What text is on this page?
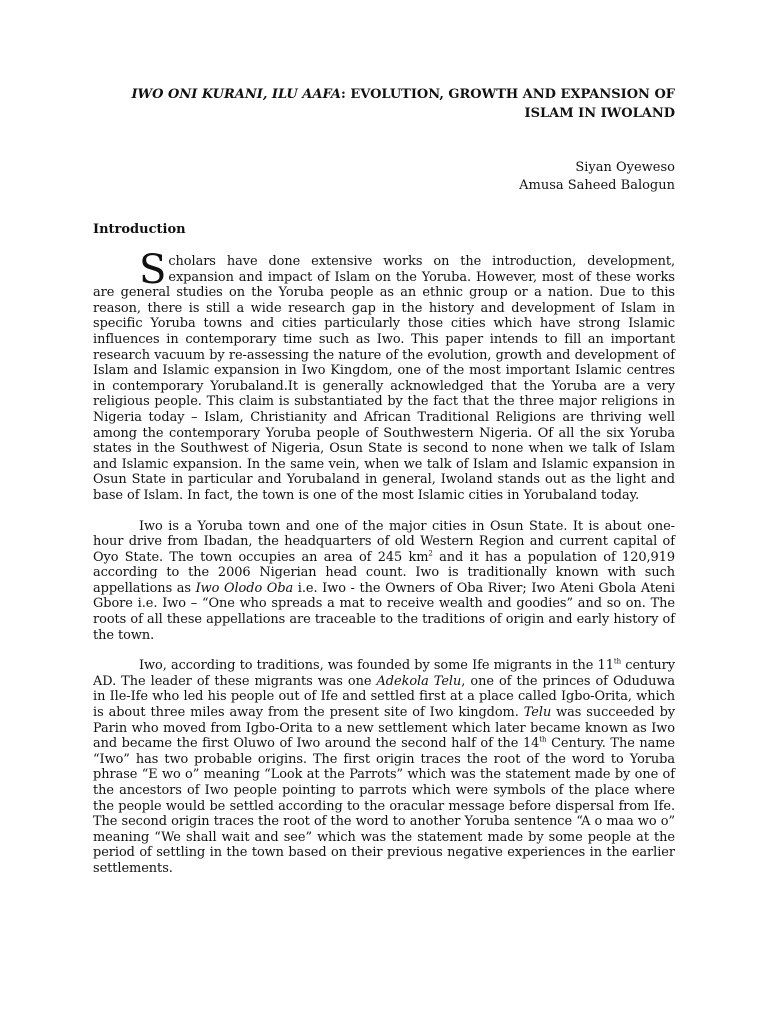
IWO ONI KURANI, ILU AAFA: EVOLUTION, GROWTH AND EXPANSION OF
ISLAM IN IWOLAND
Siyan Oyeweso
Amusa Saheed Balogun
Introduction

Scholars have done extensive works on the introduction, development, expansion and impact of Islam on the Yoruba. However, most of these works are general studies on the Yoruba people as an ethnic group or a nation. Due to this reason, there is still a wide research gap in the history and development of Islam in specific Yoruba towns and cities particularly those cities which have strong Islamic influences in contemporary time such as Iwo. This paper intends to fill an important research vacuum by re-assessing the nature of the evolution, growth and development of Islam and Islamic expansion in Iwo Kingdom, one of the most important Islamic centres in contemporary Yorubaland.It is generally acknowledged that the Yoruba are a very religious people. This claim is substantiated by the fact that the three major religions in Nigeria today – Islam, Christianity and African Traditional Religions are thriving well among the contemporary Yoruba people of Southwestern Nigeria. Of all the six Yoruba states in the Southwest of Nigeria, Osun State is second to none when we talk of Islam and Islamic expansion. In the same vein, when we talk of Islam and Islamic expansion in Osun State in particular and Yorubaland in general, Iwoland stands out as the light and base of Islam. In fact, the town is one of the most Islamic cities in Yorubaland today.

Iwo is a Yoruba town and one of the major cities in Osun State. It is about one-hour drive from Ibadan, the headquarters of old Western Region and current capital of Oyo State. The town occupies an area of 245 $km^2$ and it has a population of 120,919 according to the 2006 Nigerian head count. Iwo is traditionally known with such appellations as Iwo Olodo Oba i.e. Iwo - the Owners of Oba River; Iwo Ateni Gbola Ateni Gbore i.e. Iwo – “One who spreads a mat to receive wealth and goodies” and so on. The roots of all these appellations are traceable to the traditions of origin and early history of the town.

Iwo, according to traditions, was founded by some Ife migrants in the 11th century AD. The leader of these migrants was one Adekola Telu, one of the princes of Oduduwa in Ile-Ife who led his people out of Ife and settled first at a place called Igbo-Orita, which is about three miles away from the present site of Iwo kingdom. Telu was succeeded by Parin who moved from Igbo-Orita to a new settlement which later became known as Iwo and became the first Oluwo of Iwo around the second half of the 14th Century. The name “Iwo” has two probable origins. The first origin traces the root of the word to Yoruba phrase “E wo o” meaning “Look at the Parrots” which was the statement made by one of the ancestors of Iwo people pointing to parrots which were symbols of the place where the people would be settled according to the oracular message before dispersal from Ife. The second origin traces the root of the word to another Yoruba sentence “A o maa wo o” meaning “We shall wait and see” which was the statement made by some people at the period of settling in the town based on their previous negative experiences in the earlier settlements.
